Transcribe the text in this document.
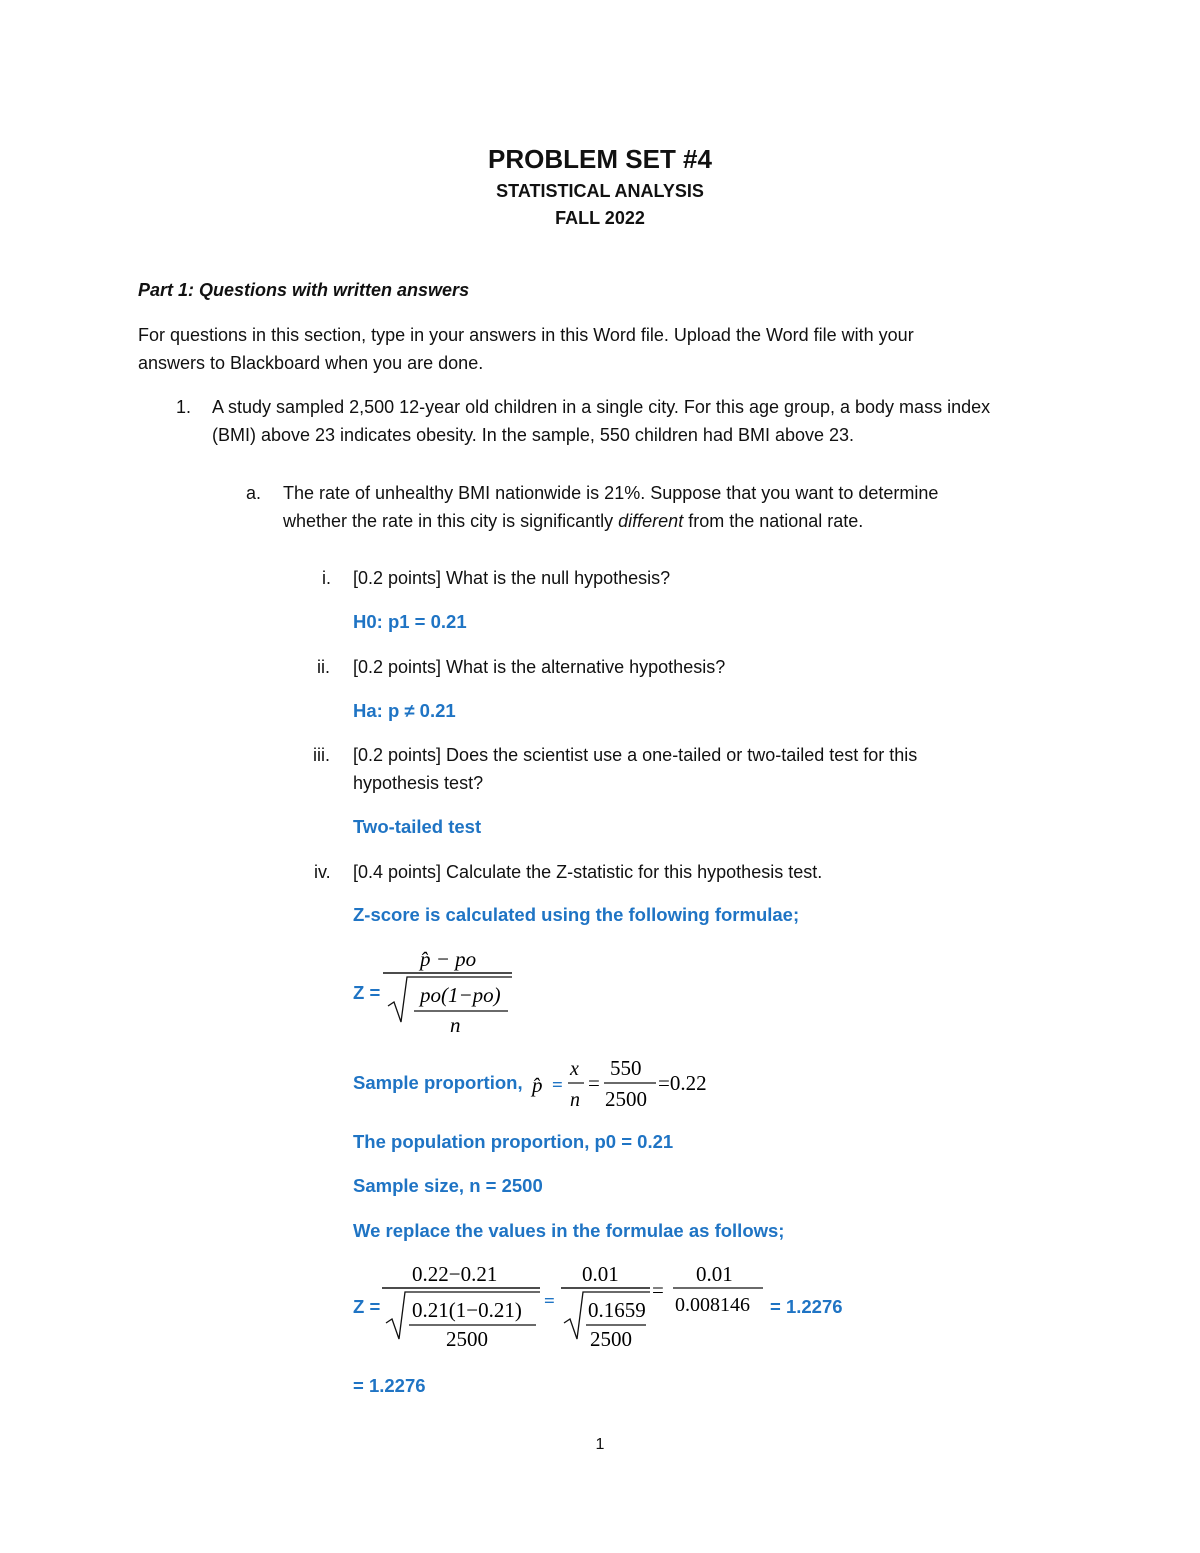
PROBLEM SET #4
STATISTICAL ANALYSIS
FALL 2022
Part 1: Questions with written answers
For questions in this section, type in your answers in this Word file. Upload the Word file with your
answers to Blackboard when you are done.
1. A study sampled 2,500 12-year old children in a single city. For this age group, a body mass index
(BMI) above 23 indicates obesity. In the sample, 550 children had BMI above 23.
a. The rate of unhealthy BMI nationwide is 21%. Suppose that you want to determine
whether the rate in this city is significantly different from the national rate.
i. [0.2 points] What is the null hypothesis?
H0: p1 = 0.21
ii. [0.2 points] What is the alternative hypothesis?
Ha: p ≠ 0.21
iii. [0.2 points] Does the scientist use a one-tailed or two-tailed test for this
hypothesis test?
Two-tailed test
iv. [0.4 points] Calculate the Z-statistic for this hypothesis test.
Z-score is calculated using the following formulae;
Z =
p̂ − po
po(1−po)
n
Sample proportion, p̂ =
x
n
=
550
2500
=0.22
The population proportion, p0 = 0.21
Sample size, n = 2500
We replace the values in the formulae as follows;
Z =
0.22−0.21
0.21(1−0.21)
2500
=
0.01
0.1659
2500
=
0.01
0.008146 = 1.2276
= 1.2276
1
